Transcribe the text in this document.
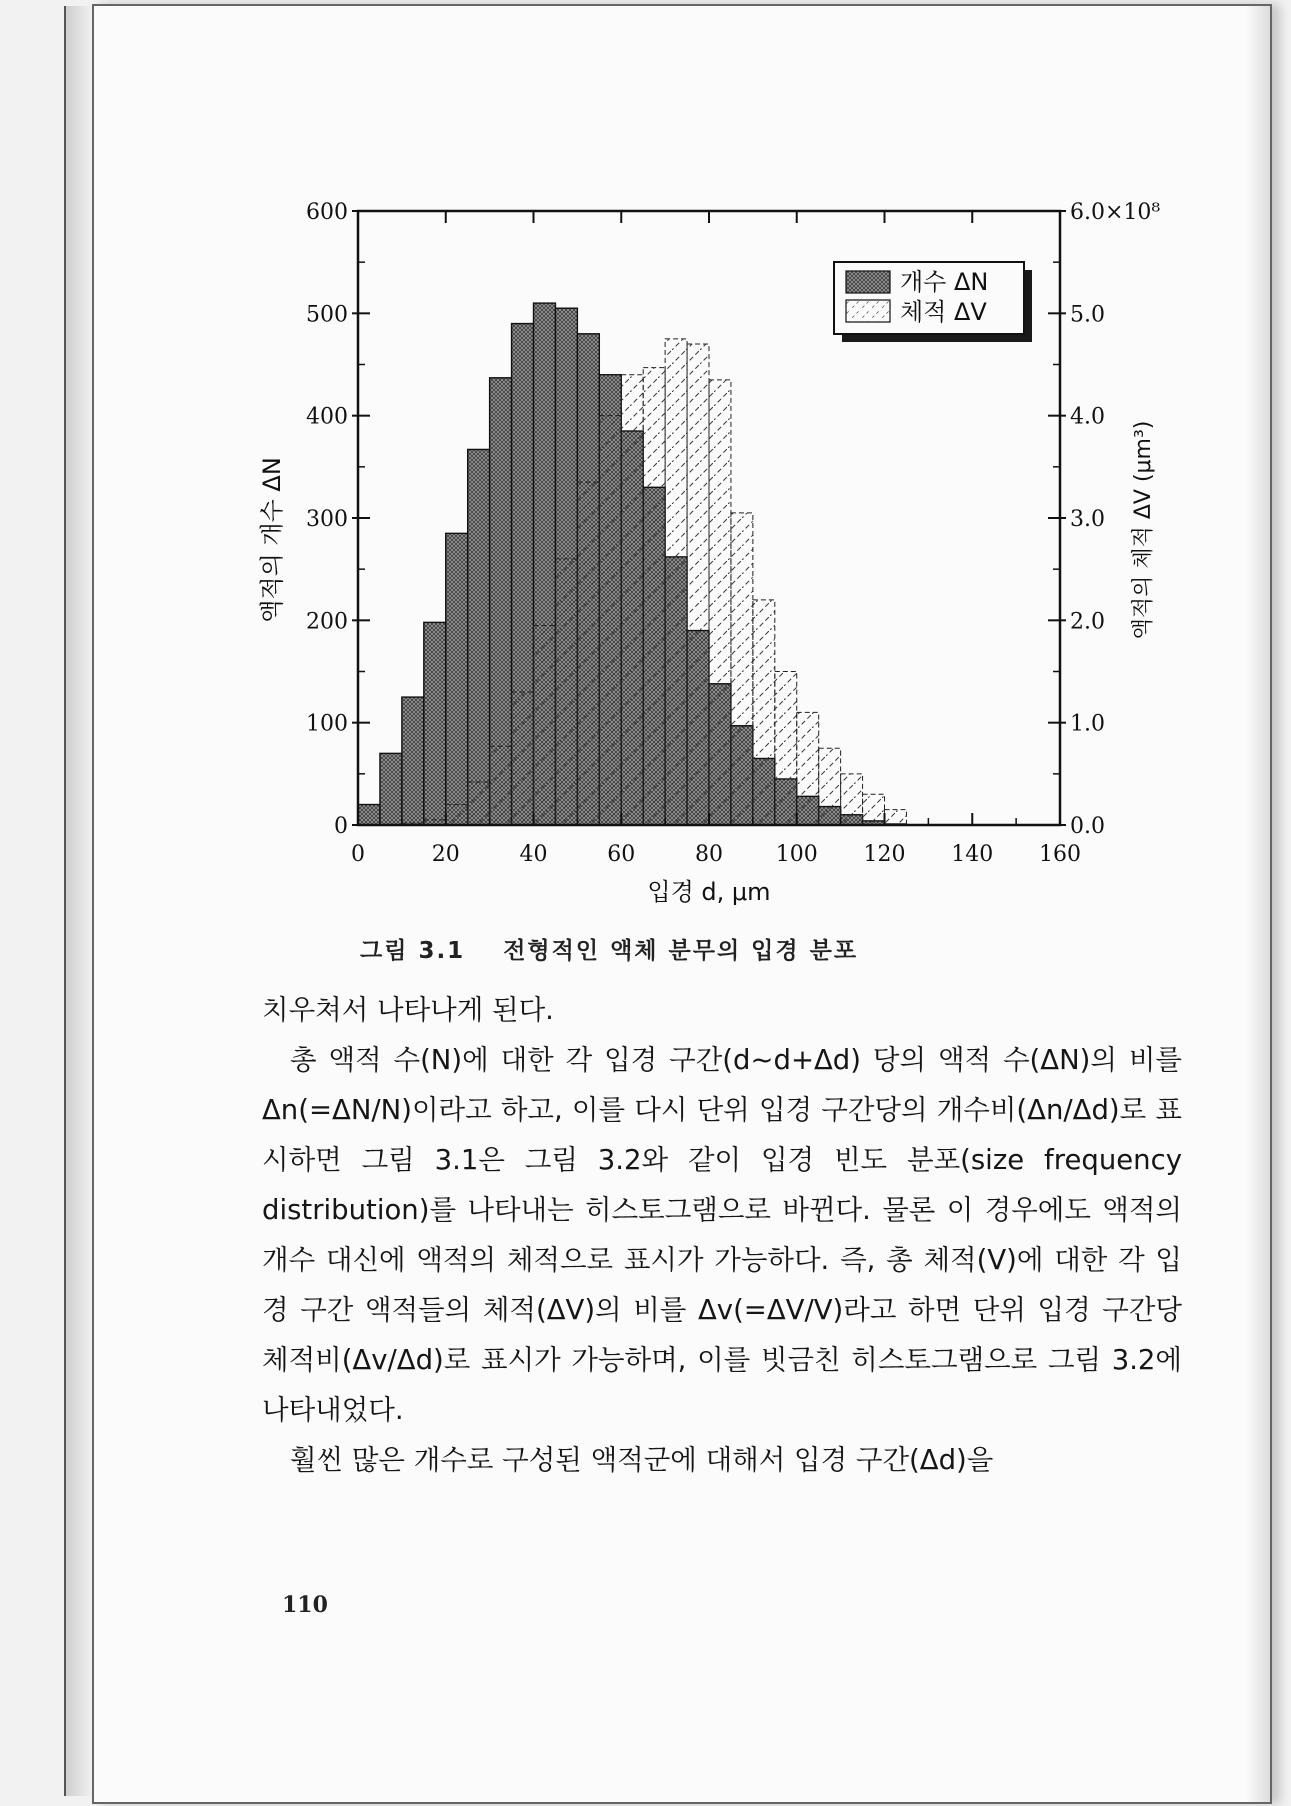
0	20	40	60	80 100 120 140 160
0
100
200
300
400
500
600
0.0
1.0
2.0
3.0
4.0
5.0
6.0×10⁸
개수 ΔN
체적 ΔV
입경 d, μm
액적의 개수 ΔN	액적의 체적 ΔV (μm³)
그림 3.1 전형적인 액체 분무의 입경 분포

치우쳐서 나타나게 된다.

총 액적 수(N)에 대한 각 입경 구간(d~d+Δd) 당의 액적 수(ΔN)의 비를 Δn(=ΔN/N)이라고 하고, 이를 다시 단위 입경 구간당의 개수비(Δn/Δd)로 표시하면 그림 3.1은 그림 3.2와 같이 입경 빈도 분포(size frequency distribution)를 나타내는 히스토그램으로 바뀐다. 물론 이 경우에도 액적의 개수 대신에 액적의 체적으로 표시가 가능하다. 즉, 총 체적(V)에 대한 각 입경 구간 액적들의 체적(ΔV)의 비를 Δv(=ΔV/V)라고 하면 단위 입경 구간당 체적비(Δv/Δd)로 표시가 가능하며, 이를 빗금친 히스토그램으로 그림 3.2에 나타내었다.

훨씬 많은 개수로 구성된 액적군에 대해서 입경 구간(Δd)을

110
